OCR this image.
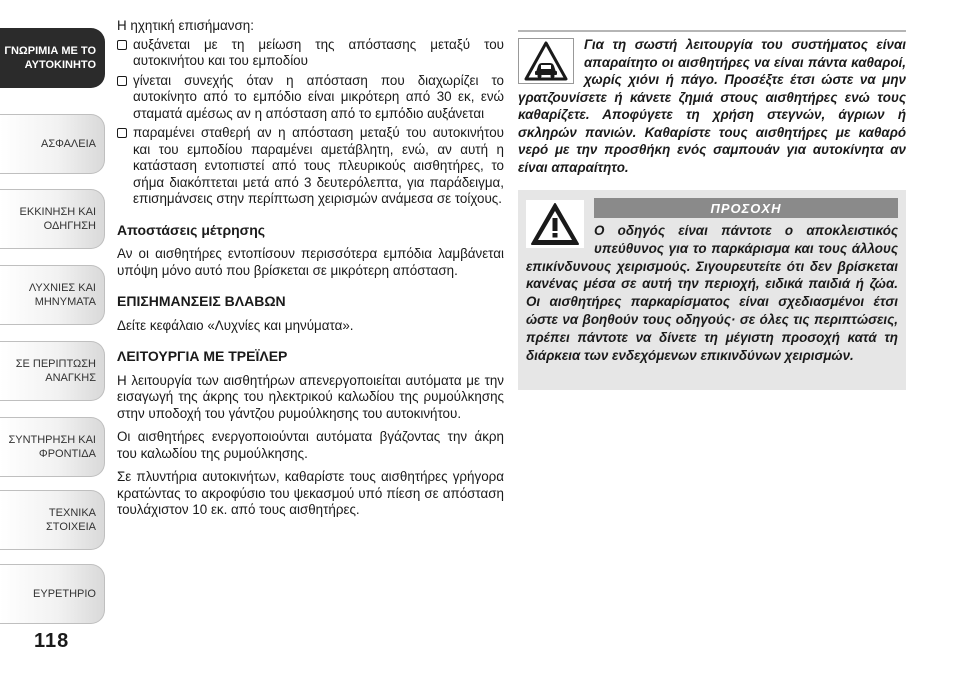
ΓΝΩΡΙΜΙΑ ΜΕ ΤΟ
ΑΥΤΟΚΙΝΗΤΟ
ΑΣΦΑΛΕΙΑ
ΕΚΚΙΝΗΣΗ ΚΑΙ
ΟΔΗΓΗΣΗ
ΛΥΧΝΙΕΣ ΚΑΙ
ΜΗΝΥΜΑΤΑ
ΣΕ ΠΕΡΙΠΤΩΣΗ
ΑΝΑΓΚΗΣ
ΣΥΝΤΗΡΗΣΗ ΚΑΙ
ΦΡΟΝΤΙΔΑ
ΤΕΧΝΙΚΑ ΣΤΟΙΧΕΙΑ
ΕΥΡΕΤΗΡΙΟ
118

Η ηχητική επισήμανση:

αυξάνεται με τη μείωση της απόστασης μεταξύ του αυτοκινήτου και του εμποδίου
γίνεται συνεχής όταν η απόσταση που διαχωρίζει το αυτοκίνητο από το εμπόδιο είναι μικρότερη από 30 εκ, ενώ σταματά αμέσως αν η απόσταση από το εμπόδιο αυξάνεται
παραμένει σταθερή αν η απόσταση μεταξύ του αυτοκινήτου και του εμποδίου παραμένει αμετάβλητη, ενώ, αν αυτή η κατάσταση εντοπιστεί από τους πλευρικούς αισθητήρες, το σήμα διακόπτεται μετά από 3 δευτερόλεπτα, για παράδειγμα, επισημάνσεις στην περίπτωση χειρισμών ανάμεσα σε τοίχους.
Αποστάσεις μέτρησης

Αν οι αισθητήρες εντοπίσουν περισσότερα εμπόδια λαμβάνεται υπόψη μόνο αυτό που βρίσκεται σε μικρότερη απόσταση.

ΕΠΙΣΗΜΑΝΣΕΙΣ ΒΛΑΒΩΝ

Δείτε κεφάλαιο «Λυχνίες και μηνύματα».

ΛΕΙΤΟΥΡΓΙΑ ΜΕ ΤΡΕΪΛΕΡ

Η λειτουργία των αισθητήρων απενεργοποιείται αυτόματα με την εισαγωγή της άκρης του ηλεκτρικού καλωδίου της ρυμούλκησης στην υποδοχή του γάντζου ρυμούλκησης του αυτοκινήτου.

Οι αισθητήρες ενεργοποιούνται αυτόματα βγάζοντας την άκρη του καλωδίου της ρυμούλκησης.

Σε πλυντήρια αυτοκινήτων, καθαρίστε τους αισθητήρες γρήγορα κρατώντας το ακροφύσιο του ψεκασμού υπό πίεση σε απόσταση τουλάχιστον 10 εκ. από τους αισθητήρες.

Για τη σωστή λειτουργία του συστήματος είναι απαραίτητο οι αισθητήρες να είναι πάντα καθαροί, χωρίς χιόνι ή πάγο. Προσέξτε έτσι ώστε να μην γρατζουνίσετε ή κάνετε ζημιά στους αισθητήρες ενώ τους καθαρίζετε. Αποφύγετε τη χρήση στεγνών, άγριων ή σκληρών πανιών. Καθαρίστε τους αισθητήρες με καθαρό νερό με την προσθήκη ενός σαμπουάν για αυτοκίνητα αν είναι απαραίτητο.
ΠΡΟΣΟΧΗ
Ο οδηγός είναι πάντοτε ο αποκλειστικός υπεύθυνος για το παρκάρισμα και τους άλλους επικίνδυνους χειρισμούς. Σιγουρευτείτε ότι δεν βρίσκεται κανένας μέσα σε αυτή την περιοχή, ειδικά παιδιά ή ζώα. Οι αισθητήρες παρκαρίσματος είναι σχεδιασμένοι έτσι ώστε να βοηθούν τους οδηγούς· σε όλες τις περιπτώσεις, πρέπει πάντοτε να δίνετε τη μέγιστη προσοχή κατά τη διάρκεια των ενδεχόμενων επικινδύνων χειρισμών.
